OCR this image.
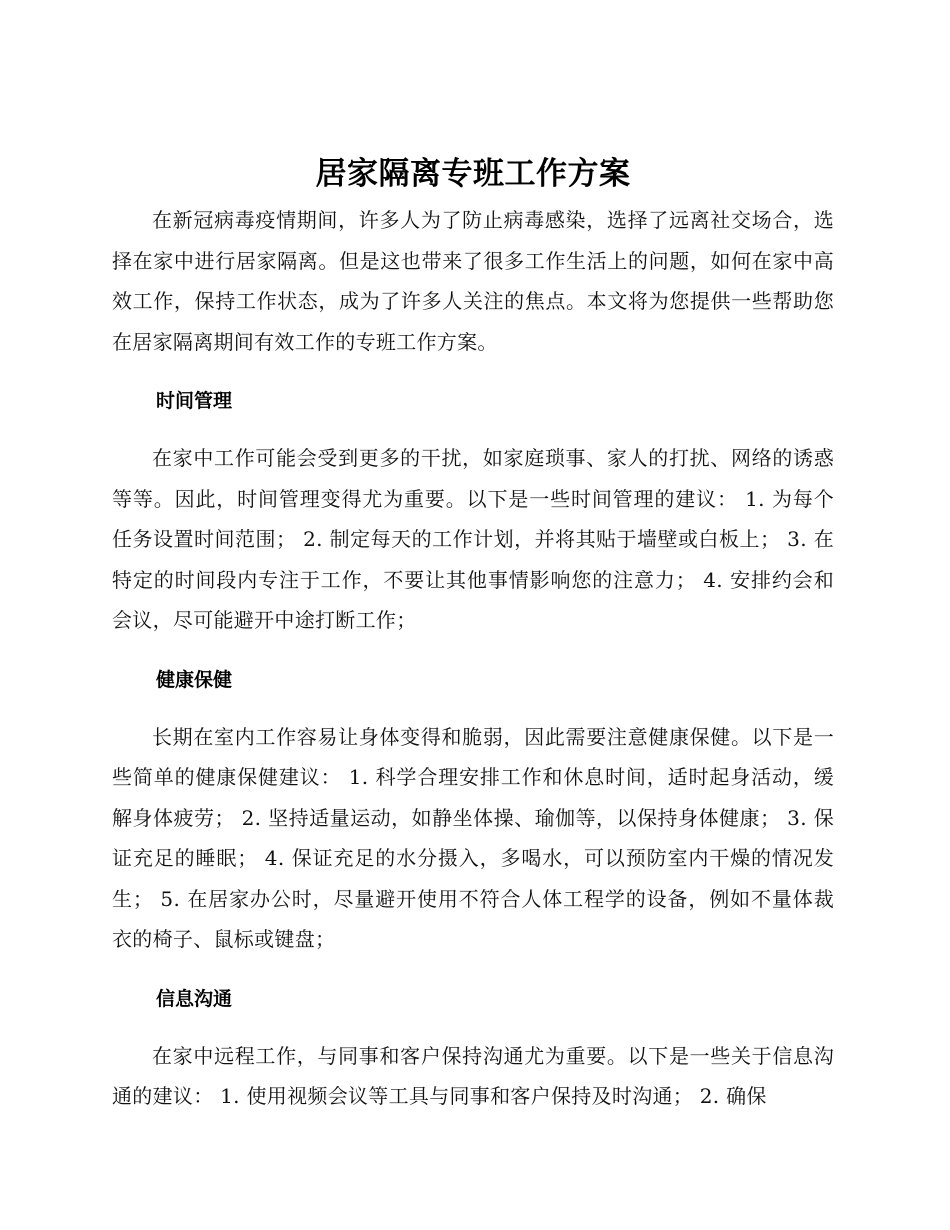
居家隔离专班工作方案

在新冠病毒疫情期间，许多人为了防止病毒感染，选择了远离社交场合，选择在家中进行居家隔离。但是这也带来了很多工作生活上的问题，如何在家中高效工作，保持工作状态，成为了许多人关注的焦点。本文将为您提供一些帮助您在居家隔离期间有效工作的专班工作方案。

时间管理

在家中工作可能会受到更多的干扰，如家庭琐事、家人的打扰、网络的诱惑等等。因此，时间管理变得尤为重要。以下是一些时间管理的建议： 1. 为每个任务设置时间范围； 2. 制定每天的工作计划，并将其贴于墙壁或白板上； 3. 在特定的时间段内专注于工作，不要让其他事情影响您的注意力； 4. 安排约会和会议，尽可能避开中途打断工作；

健康保健

长期在室内工作容易让身体变得和脆弱，因此需要注意健康保健。以下是一些简单的健康保健建议： 1. 科学合理安排工作和休息时间，适时起身活动，缓解身体疲劳； 2. 坚持适量运动，如静坐体操、瑜伽等，以保持身体健康； 3. 保证充足的睡眠； 4. 保证充足的水分摄入，多喝水，可以预防室内干燥的情况发生； 5. 在居家办公时，尽量避开使用不符合人体工程学的设备，例如不量体裁衣的椅子、鼠标或键盘；

信息沟通

在家中远程工作，与同事和客户保持沟通尤为重要。以下是一些关于信息沟通的建议： 1. 使用视频会议等工具与同事和客户保持及时沟通； 2. 确保
